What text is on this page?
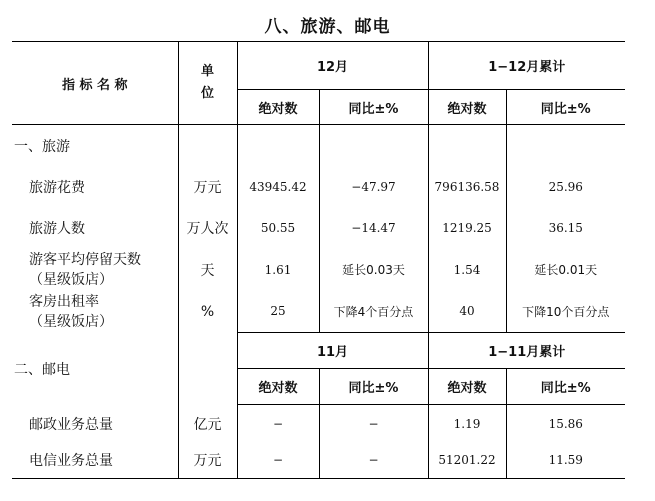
八、旅游、邮电
指 标 名 称	单
位	12月		1−12月累计	
		绝对数	同比±%	绝对数	同比±%
一、旅游					
旅游花费	万元	43945.42	−47.97	796136.58	25.96
旅游人数	万人次	50.55	−14.47	1219.25	36.15

游客平均停留天数
（星级饭店）	天	1.61	延长0.03天	1.54	延长0.01天

客房出租率
（星级饭店）	%	25	下降4个百分点	40	下降10个百分点
二、邮电		11月		1−11月累计	
		绝对数	同比±%	绝对数	同比±%
邮政业务总量	亿元	−	−	1.19	15.86
电信业务总量	万元	−	−	51201.22	11.59
